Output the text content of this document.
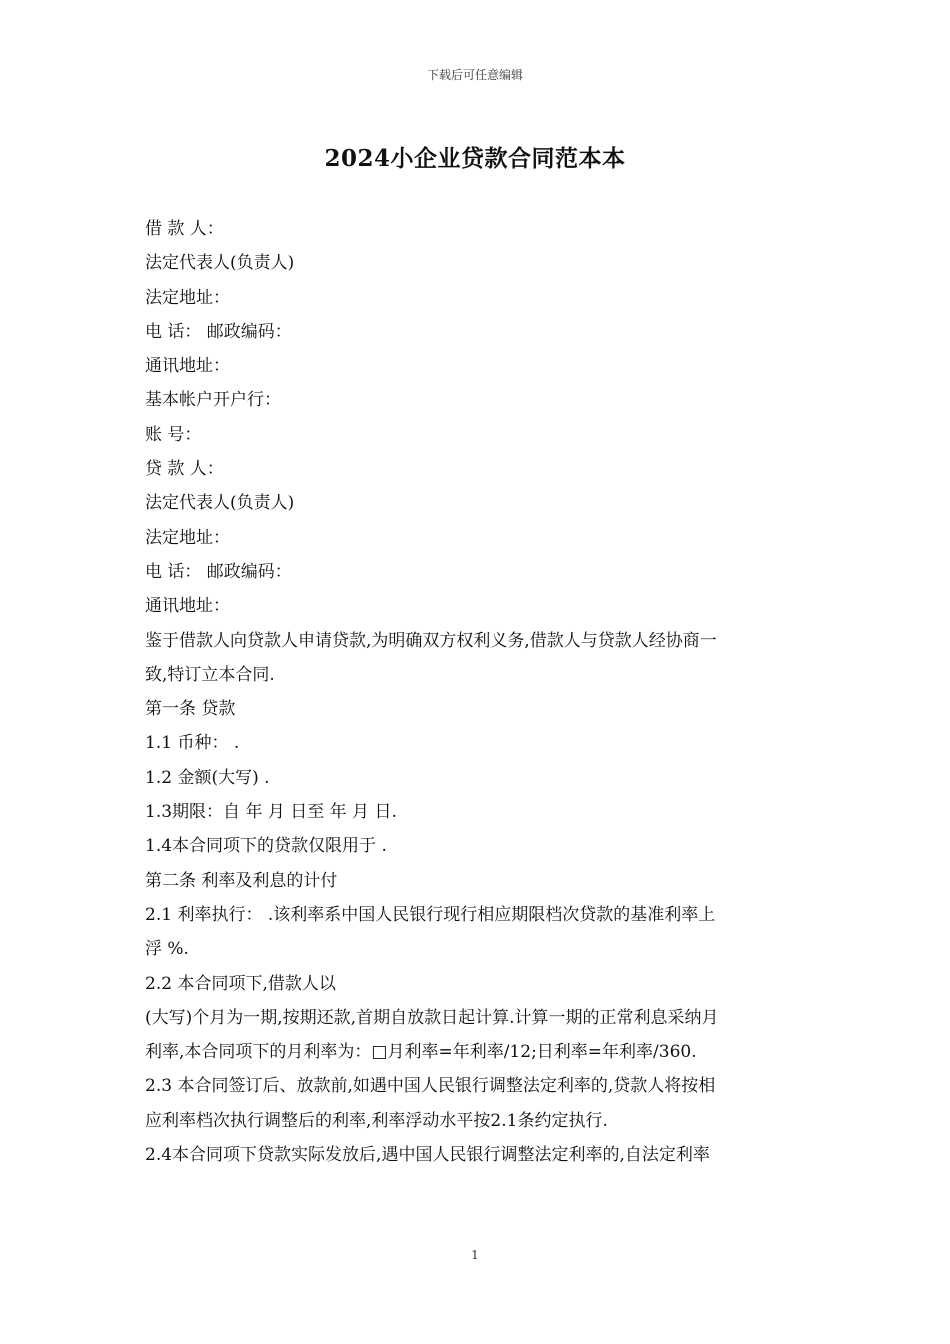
下载后可任意编辑
2024小企业贷款合同范本本
借 款 人：
法定代表人(负责人)
法定地址：
电 话： 邮政编码：
通讯地址：
基本帐户开户行：
账 号：
贷 款 人：
法定代表人(负责人)
法定地址：
电 话： 邮政编码：
通讯地址：
鉴于借款人向贷款人申请贷款,为明确双方权利义务,借款人与贷款人经协商一
致,特订立本合同.
第一条 贷款
1.1 币种： .
1.2 金额(大写) .
1.3期限：自 年 月 日至 年 月 日.
1.4本合同项下的贷款仅限用于 .
第二条 利率及利息的计付
2.1 利率执行： .该利率系中国人民银行现行相应期限档次贷款的基准利率上
浮 %.
2.2 本合同项下,借款人以
(大写)个月为一期,按期还款,首期自放款日起计算.计算一期的正常利息采纳月
利率,本合同项下的月利率为：□月利率=年利率/12;日利率=年利率/360.
2.3 本合同签订后、放款前,如遇中国人民银行调整法定利率的,贷款人将按相
应利率档次执行调整后的利率,利率浮动水平按2.1条约定执行.
2.4本合同项下贷款实际发放后,遇中国人民银行调整法定利率的,自法定利率
1
